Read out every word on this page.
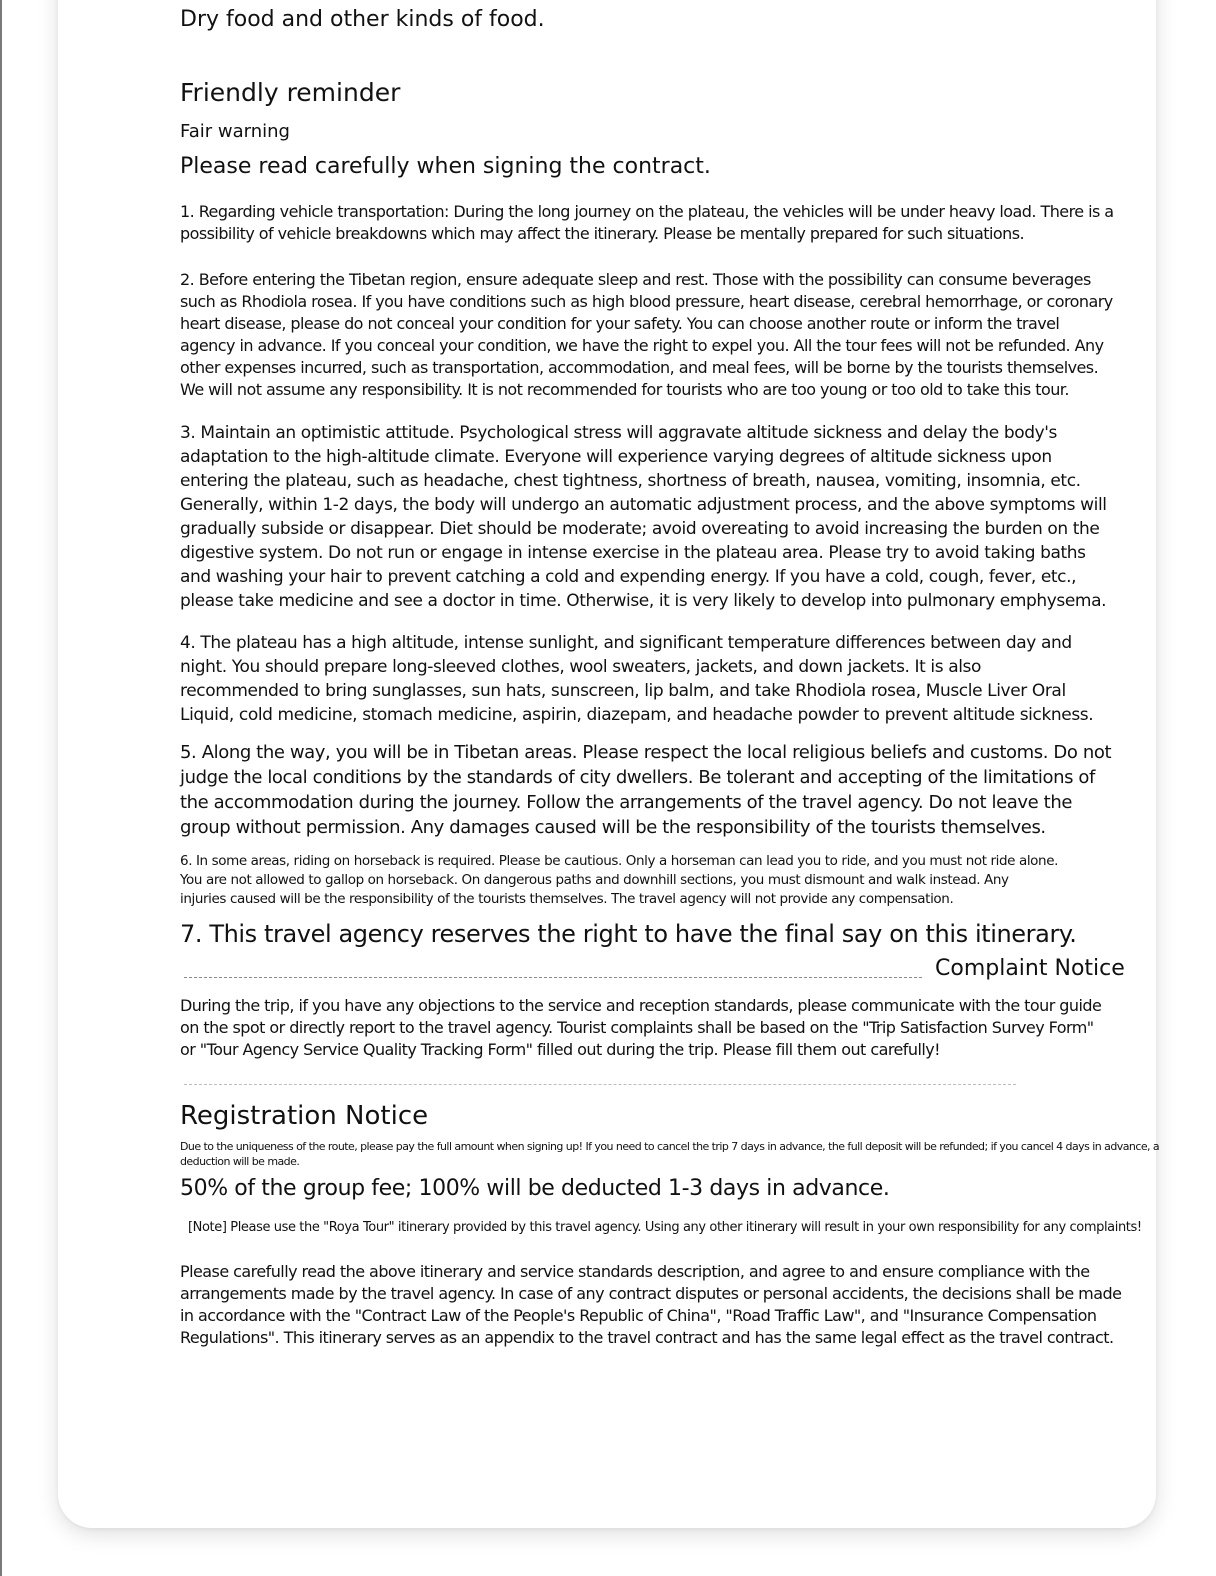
Dry food and other kinds of food.

Friendly reminder

Fair warning

Please read carefully when signing the contract.

1. Regarding vehicle transportation: During the long journey on the plateau, the vehicles will be under heavy load. There is a
possibility of vehicle breakdowns which may affect the itinerary. Please be mentally prepared for such situations.
2. Before entering the Tibetan region, ensure adequate sleep and rest. Those with the possibility can consume beverages
such as Rhodiola rosea. If you have conditions such as high blood pressure, heart disease, cerebral hemorrhage, or coronary
heart disease, please do not conceal your condition for your safety. You can choose another route or inform the travel
agency in advance. If you conceal your condition, we have the right to expel you. All the tour fees will not be refunded. Any
other expenses incurred, such as transportation, accommodation, and meal fees, will be borne by the tourists themselves.
We will not assume any responsibility. It is not recommended for tourists who are too young or too old to take this tour.
3. Maintain an optimistic attitude. Psychological stress will aggravate altitude sickness and delay the body's
adaptation to the high-altitude climate. Everyone will experience varying degrees of altitude sickness upon
entering the plateau, such as headache, chest tightness, shortness of breath, nausea, vomiting, insomnia, etc.
Generally, within 1-2 days, the body will undergo an automatic adjustment process, and the above symptoms will
gradually subside or disappear. Diet should be moderate; avoid overeating to avoid increasing the burden on the
digestive system. Do not run or engage in intense exercise in the plateau area. Please try to avoid taking baths
and washing your hair to prevent catching a cold and expending energy. If you have a cold, cough, fever, etc.,
please take medicine and see a doctor in time. Otherwise, it is very likely to develop into pulmonary emphysema.
4. The plateau has a high altitude, intense sunlight, and significant temperature differences between day and
night. You should prepare long-sleeved clothes, wool sweaters, jackets, and down jackets. It is also
recommended to bring sunglasses, sun hats, sunscreen, lip balm, and take Rhodiola rosea, Muscle Liver Oral
Liquid, cold medicine, stomach medicine, aspirin, diazepam, and headache powder to prevent altitude sickness.
5. Along the way, you will be in Tibetan areas. Please respect the local religious beliefs and customs. Do not
judge the local conditions by the standards of city dwellers. Be tolerant and accepting of the limitations of
the accommodation during the journey. Follow the arrangements of the travel agency. Do not leave the
group without permission. Any damages caused will be the responsibility of the tourists themselves.
6. In some areas, riding on horseback is required. Please be cautious. Only a horseman can lead you to ride, and you must not ride alone.
You are not allowed to gallop on horseback. On dangerous paths and downhill sections, you must dismount and walk instead. Any
injuries caused will be the responsibility of the tourists themselves. The travel agency will not provide any compensation.

7. This travel agency reserves the right to have the final say on this itinerary.

Complaint Notice

During the trip, if you have any objections to the service and reception standards, please communicate with the tour guide
on the spot or directly report to the travel agency. Tourist complaints shall be based on the "Trip Satisfaction Survey Form"
or "Tour Agency Service Quality Tracking Form" filled out during the trip. Please fill them out carefully!

Registration Notice

Due to the uniqueness of the route, please pay the full amount when signing up! If you need to cancel the trip 7 days in advance, the full deposit will be refunded; if you cancel 4 days in advance, a
deduction will be made.

50% of the group fee; 100% will be deducted 1-3 days in advance.

[Note] Please use the "Roya Tour" itinerary provided by this travel agency. Using any other itinerary will result in your own responsibility for any complaints!

Please carefully read the above itinerary and service standards description, and agree to and ensure compliance with the
arrangements made by the travel agency. In case of any contract disputes or personal accidents, the decisions shall be made
in accordance with the "Contract Law of the People's Republic of China", "Road Traffic Law", and "Insurance Compensation
Regulations". This itinerary serves as an appendix to the travel contract and has the same legal effect as the travel contract.
